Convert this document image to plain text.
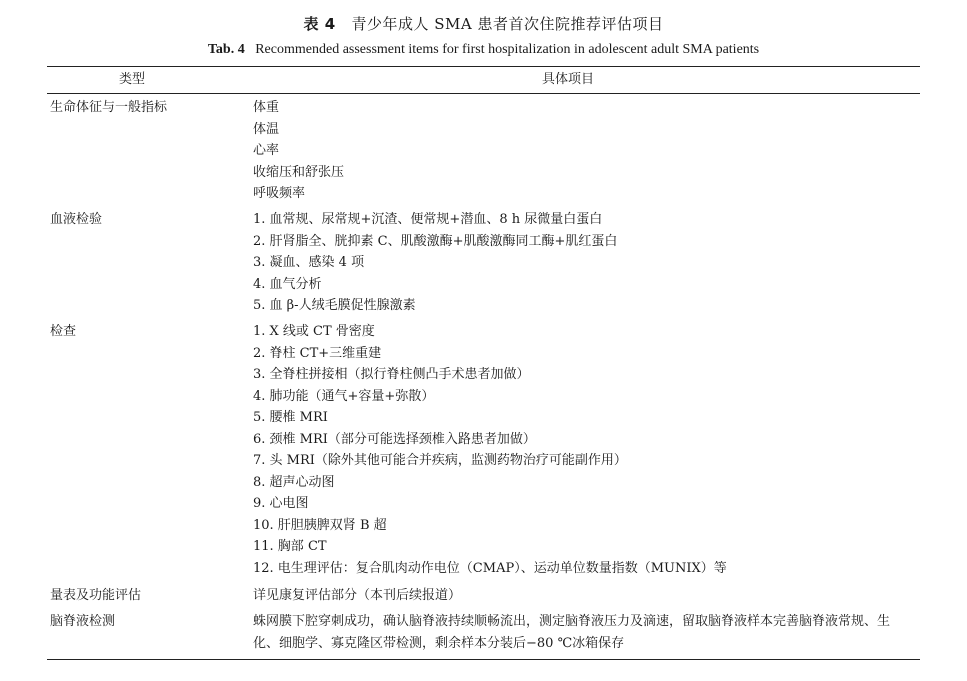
表 4 青少年成人 SMA 患者首次住院推荐评估项目
Tab. 4 Recommended assessment items for first hospitalization in adolescent adult SMA patients
类型	具体项目
生命体征与一般指标	体重
体温
心率
收缩压和舒张压
呼吸频率
血液检验	1. 血常规、尿常规+沉渣、便常规+潜血、8 h 尿微量白蛋白
2. 肝肾脂全、胱抑素 C、肌酸激酶+肌酸激酶同工酶+肌红蛋白
3. 凝血、感染 4 项
4. 血气分析
5. 血 β-人绒毛膜促性腺激素
检查	1. X 线或 CT 骨密度
2. 脊柱 CT+三维重建
3. 全脊柱拼接相（拟行脊柱侧凸手术患者加做）
4. 肺功能（通气+容量+弥散）
5. 腰椎 MRI
6. 颈椎 MRI（部分可能选择颈椎入路患者加做）
7. 头 MRI（除外其他可能合并疾病，监测药物治疗可能副作用）
8. 超声心动图
9. 心电图
10. 肝胆胰脾双肾 B 超
11. 胸部 CT
12. 电生理评估：复合肌肉动作电位（CMAP）、运动单位数量指数（MUNIX）等
量表及功能评估	详见康复评估部分（本刊后续报道）
脑脊液检测	蛛网膜下腔穿刺成功，确认脑脊液持续顺畅流出，测定脑脊液压力及滴速，留取脑脊液样本完善脑脊液常规、生化、细胞学、寡克隆区带检测，剩余样本分装后−80 ℃冰箱保存
